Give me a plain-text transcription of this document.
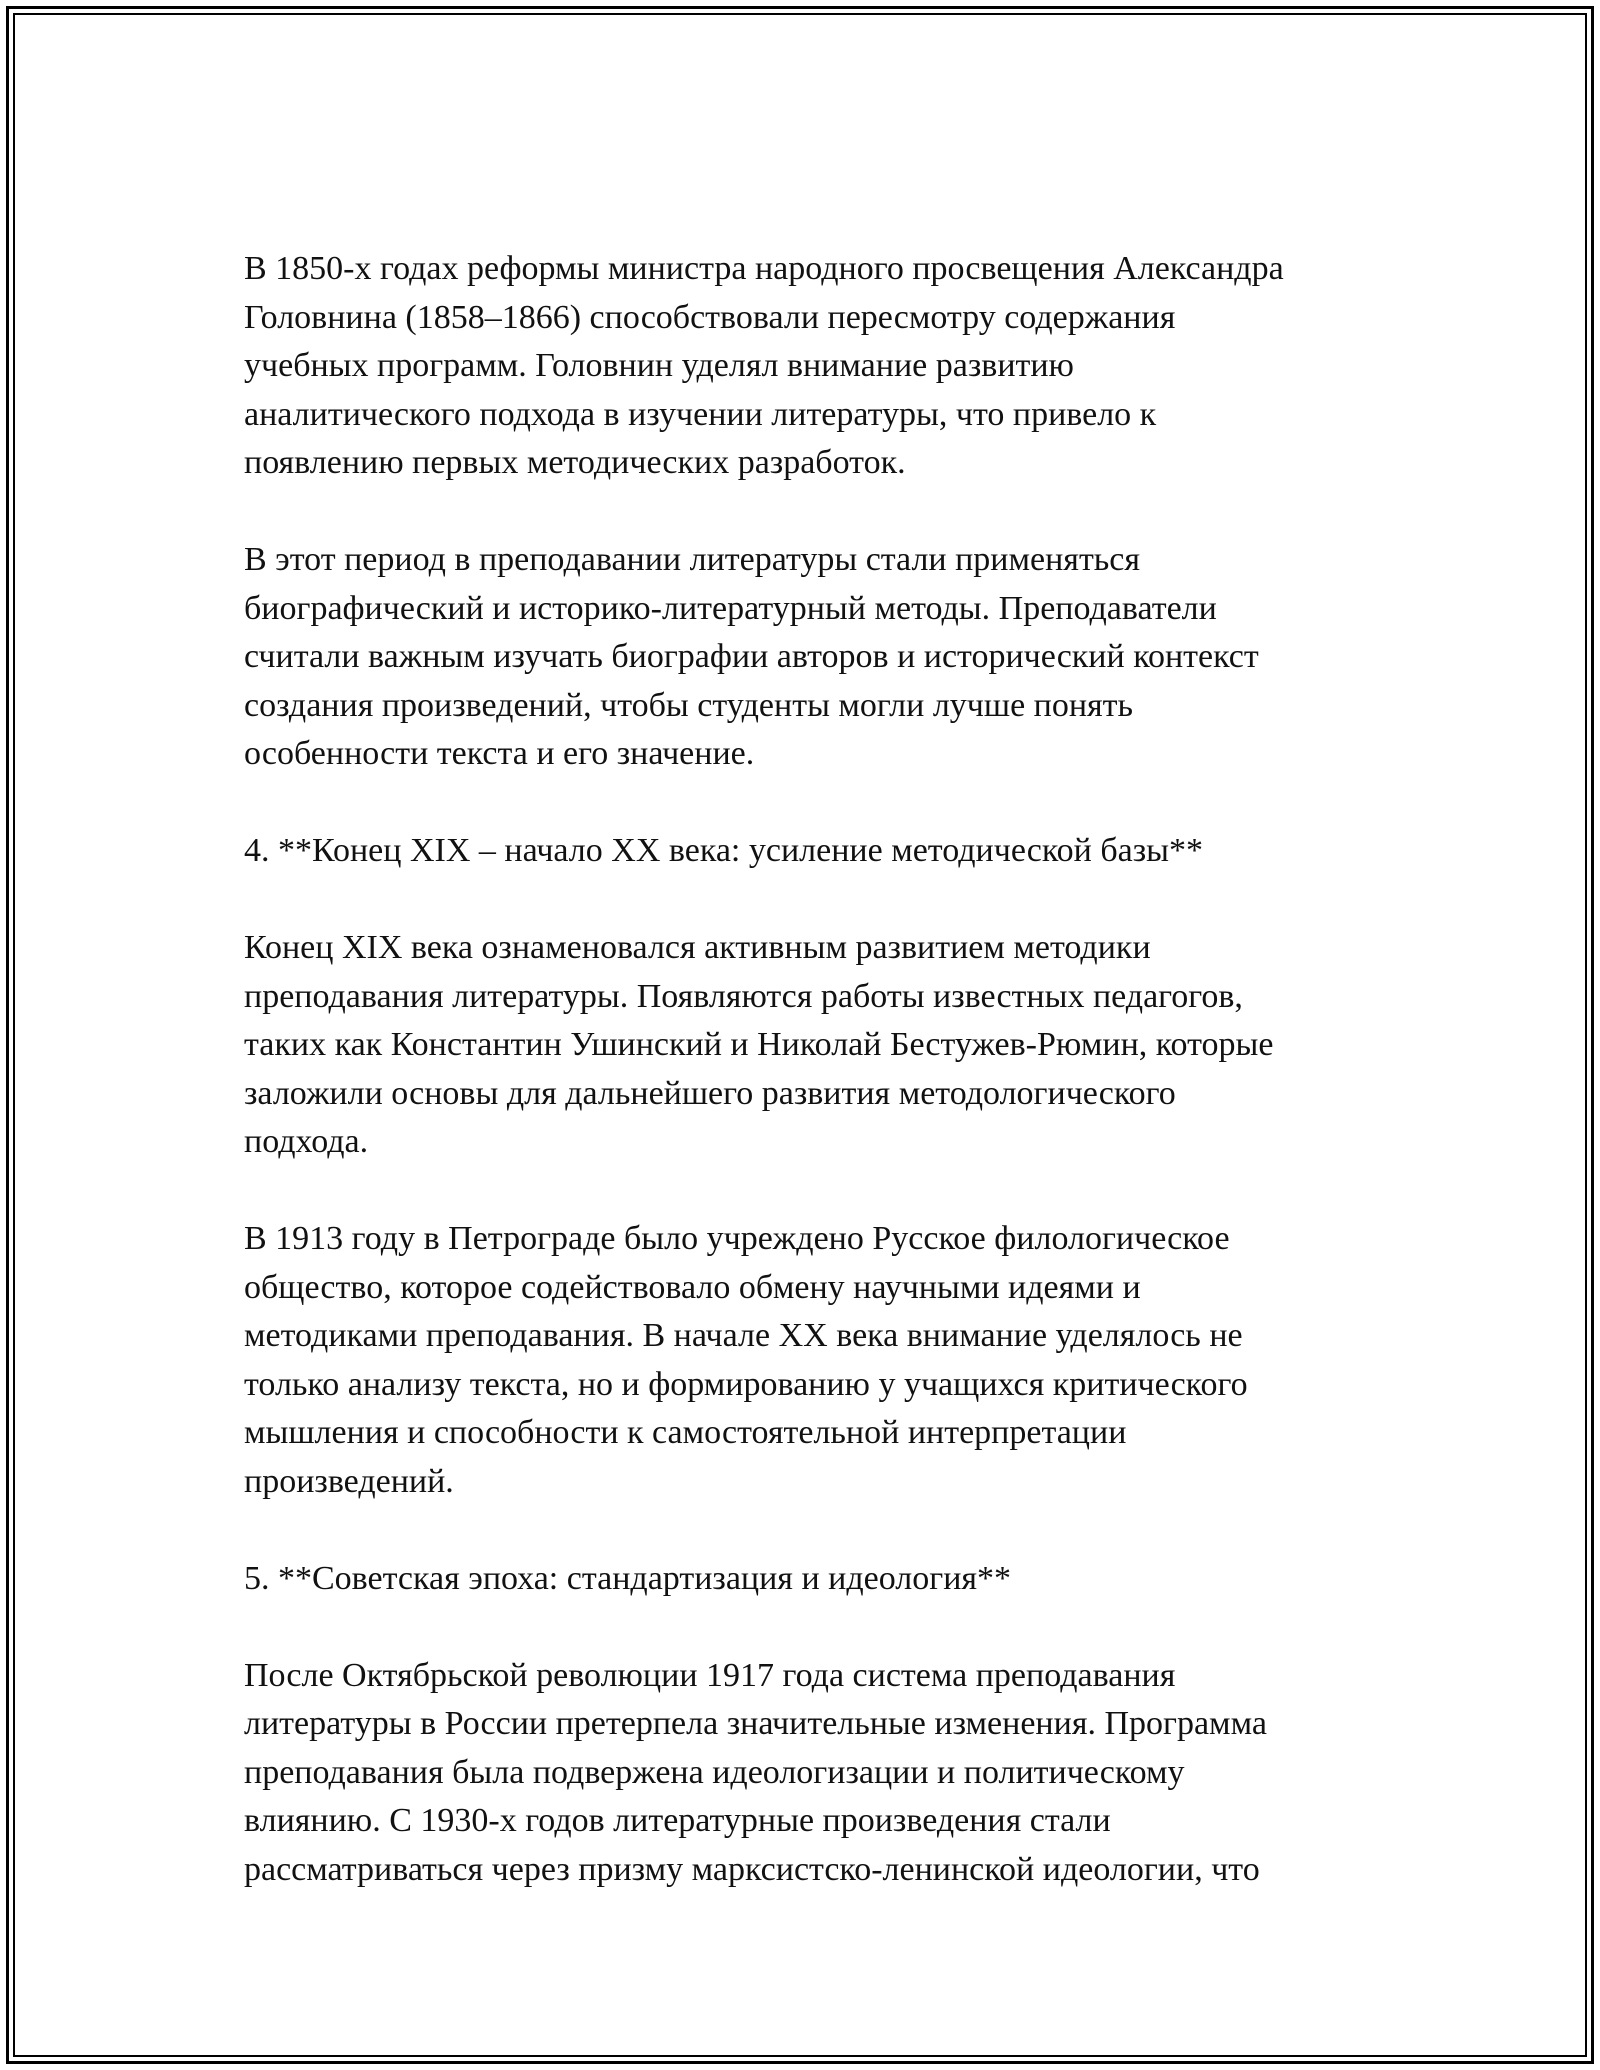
В 1850-х годах реформы министра народного просвещения Александра
Головнина (1858–1866) способствовали пересмотру содержания
учебных программ. Головнин уделял внимание развитию
аналитического подхода в изучении литературы, что привело к
появлению первых методических разработок.

В этот период в преподавании литературы стали применяться
биографический и историко-литературный методы. Преподаватели
считали важным изучать биографии авторов и исторический контекст
создания произведений, чтобы студенты могли лучше понять
особенности текста и его значение.

4. **Конец XIX – начало XX века: усиление методической базы**

Конец XIX века ознаменовался активным развитием методики
преподавания литературы. Появляются работы известных педагогов,
таких как Константин Ушинский и Николай Бестужев-Рюмин, которые
заложили основы для дальнейшего развития методологического
подхода.

В 1913 году в Петрограде было учреждено Русское филологическое
общество, которое содействовало обмену научными идеями и
методиками преподавания. В начале XX века внимание уделялось не
только анализу текста, но и формированию у учащихся критического
мышления и способности к самостоятельной интерпретации
произведений.

5. **Советская эпоха: стандартизация и идеология**

После Октябрьской революции 1917 года система преподавания
литературы в России претерпела значительные изменения. Программа
преподавания была подвержена идеологизации и политическому
влиянию. С 1930-х годов литературные произведения стали
рассматриваться через призму марксистско-ленинской идеологии, что
